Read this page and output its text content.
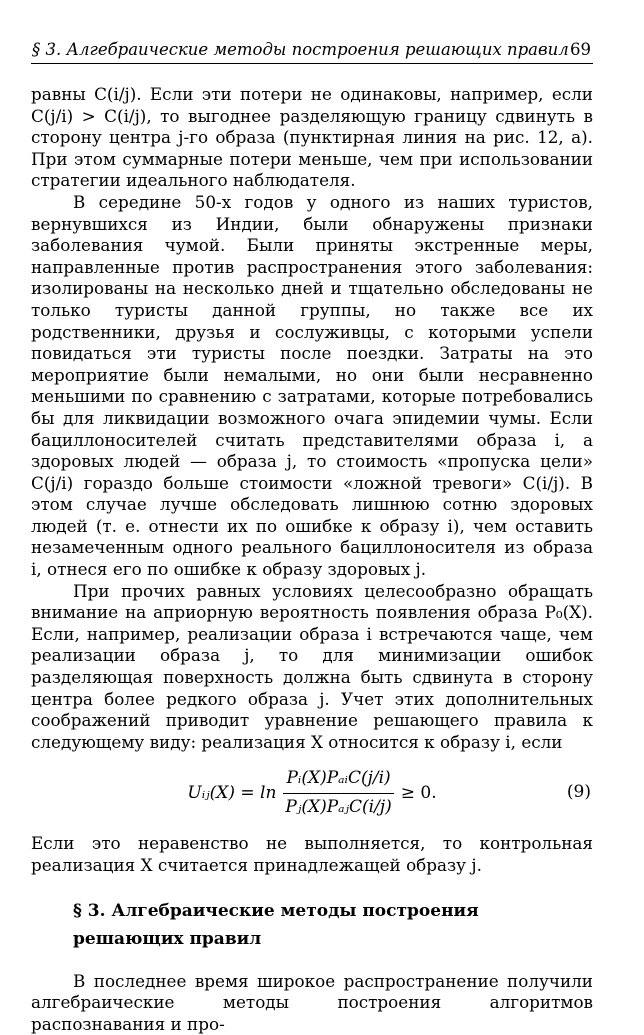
§ 3. Алгебраические методы построения решающих правил 69

равны C(i/j). Если эти потери не одинаковы, например, если C(j/i) > C(i/j), то выгоднее разделяющую границу сдвинуть в сторону центра j-го образа (пунктирная линия на рис. 12, а). При этом суммарные потери меньше, чем при использовании стратегии идеального наблюдателя.

В середине 50-х годов у одного из наших туристов, вернувшихся из Индии, были обнаружены признаки заболевания чумой. Были приняты экстренные меры, направленные против распространения этого заболевания: изолированы на несколько дней и тщательно обследованы не только туристы данной группы, но также все их родственники, друзья и сослуживцы, с которыми успели повидаться эти туристы после поездки. Затраты на это мероприятие были немалыми, но они были несравненно меньшими по сравнению с затратами, которые потребовались бы для ликвидации возможного очага эпидемии чумы. Если бациллоносителей считать представителями образа i, а здоровых людей — образа j, то стоимость «пропуска цели» C(j/i) гораздо больше стоимости «ложной тревоги» C(i/j). В этом случае лучше обследовать лишнюю сотню здоровых людей (т. е. отнести их по ошибке к образу i), чем оставить незамеченным одного реального бациллоносителя из образа i, отнеся его по ошибке к образу здоровых j.

При прочих равных условиях целесообразно обращать внимание на априорную вероятность появления образа P₀(X). Если, например, реализации образа i встречаются чаще, чем реализации образа j, то для минимизации ошибок разделяющая поверхность должна быть сдвинута в сторону центра более редкого образа j. Учет этих дополнительных соображений приводит уравнение решающего правила к следующему виду: реализация X относится к образу i, если

Uᵢⱼ(X) = $\ln \frac{\text{Pᵢ(X)PₐᵢC(j/i)}}{\text{Pⱼ(X)PₐⱼC(i/j)}} \ge 0$.	(9)

Если это неравенство не выполняется, то контрольная реализация X считается принадлежащей образу j.

§ 3. Алгебраические методы построения
решающих правил

В последнее время широкое распространение получили алгебраические методы построения алгоритмов распознавания и про-
